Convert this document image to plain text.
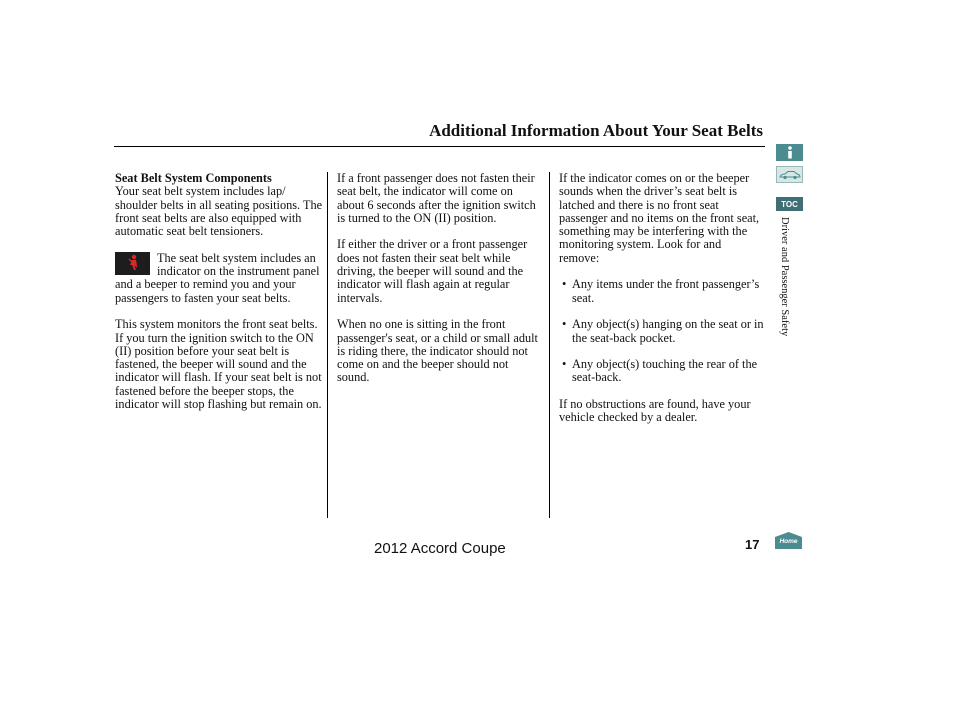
Additional Information About Your Seat Belts

Seat Belt System Components
Your seat belt system includes lap/ shoulder belts in all seating positions. The front seat belts are also equipped with automatic seat belt tensioners.

The seat belt system includes an indicator on the instrument panel and a beeper to remind you and your passengers to fasten your seat belts.

This system monitors the front seat belts. If you turn the ignition switch to the ON (II) position before your seat belt is fastened, the beeper will sound and the indicator will flash. If your seat belt is not fastened before the beeper stops, the indicator will stop flashing but remain on.

If a front passenger does not fasten their seat belt, the indicator will come on about 6 seconds after the ignition switch is turned to the ON (II) position.

If either the driver or a front passenger does not fasten their seat belt while driving, the beeper will sound and the indicator will flash again at regular intervals.

When no one is sitting in the front passenger's seat, or a child or small adult is riding there, the indicator should not come on and the beeper should not sound.

If the indicator comes on or the beeper sounds when the driver’s seat belt is latched and there is no front seat passenger and no items on the front seat, something may be interfering with the monitoring system. Look for and remove:

• Any items under the front passenger’s seat.
• Any object(s) hanging on the seat or in the seat-back pocket.
• Any object(s) touching the rear of the seat-back.

If no obstructions are found, have your vehicle checked by a dealer.

TOC
Driver and Passenger Safety
2012 Accord Coupe	17	Home
